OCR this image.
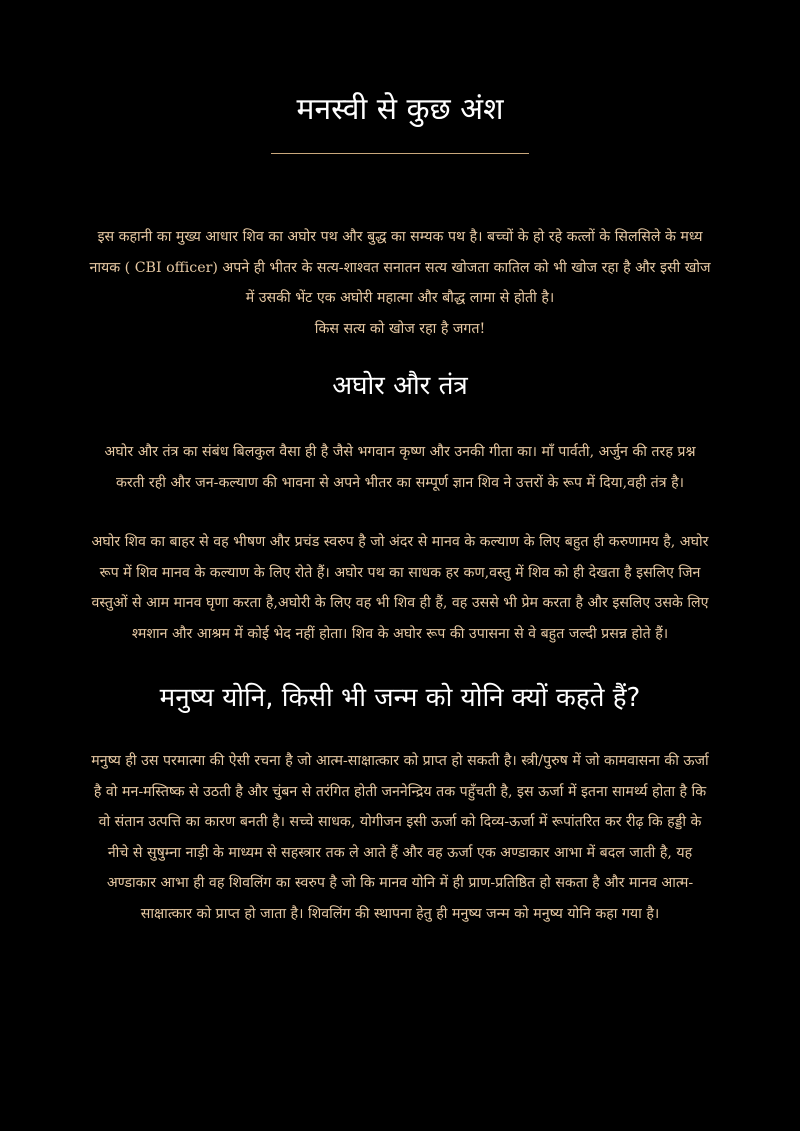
मनस्वी से कुछ अंश

इस कहानी का मुख्य आधार शिव का अघोर पथ और बुद्ध का सम्यक पथ है। बच्चों के हो रहे कत्लों के सिलसिले के मध्य
नायक ( CBI officer) अपने ही भीतर के सत्य-शाश्वत सनातन सत्य खोजता कातिल को भी खोज रहा है और इसी खोज
में उसकी भेंट एक अघोरी महात्मा और बौद्ध लामा से होती है।
किस सत्य को खोज रहा है जगत!

अघोर और तंत्र

अघोर और तंत्र का संबंध बिलकुल वैसा ही है जैसे भगवान कृष्ण और उनकी गीता का। माँ पार्वती, अर्जुन की तरह प्रश्न
करती रही और जन-कल्याण की भावना से अपने भीतर का सम्पूर्ण ज्ञान शिव ने उत्तरों के रूप में दिया,वही तंत्र है।

अघोर शिव का बाहर से वह भीषण और प्रचंड स्वरुप है जो अंदर से मानव के कल्याण के लिए बहुत ही करुणामय है, अघोर
रूप में शिव मानव के कल्याण के लिए रोते हैं। अघोर पथ का साधक हर कण,वस्तु में शिव को ही देखता है इसलिए जिन
वस्तुओं से आम मानव घृणा करता है,अघोरी के लिए वह भी शिव ही हैं, वह उससे भी प्रेम करता है और इसलिए उसके लिए
श्मशान और आश्रम में कोई भेद नहीं होता। शिव के अघोर रूप की उपासना से वे बहुत जल्दी प्रसन्न होते हैं।

मनुष्य योनि, किसी भी जन्म को योनि क्यों कहते हैं?

मनुष्य ही उस परमात्मा की ऐसी रचना है जो आत्म-साक्षात्कार को प्राप्त हो सकती है। स्त्री/पुरुष में जो कामवासना की ऊर्जा
है वो मन-मस्तिष्क से उठती है और चुंबन से तरंगित होती जननेन्द्रिय तक पहुँचती है, इस ऊर्जा में इतना सामर्थ्य होता है कि
वो संतान उत्पत्ति का कारण बनती है। सच्चे साधक, योगीजन इसी ऊर्जा को दिव्य-ऊर्जा में रूपांतरित कर रीढ़ कि हड्डी के
नीचे से सुषुम्ना नाड़ी के माध्यम से सहस्त्रार तक ले आते हैं और वह ऊर्जा एक अण्डाकार आभा में बदल जाती है, यह
अण्डाकार आभा ही वह शिवलिंग का स्वरुप है जो कि मानव योनि में ही प्राण-प्रतिष्ठित हो सकता है और मानव आत्म-
साक्षात्कार को प्राप्त हो जाता है। शिवलिंग की स्थापना हेतु ही मनुष्य जन्म को मनुष्य योनि कहा गया है।
